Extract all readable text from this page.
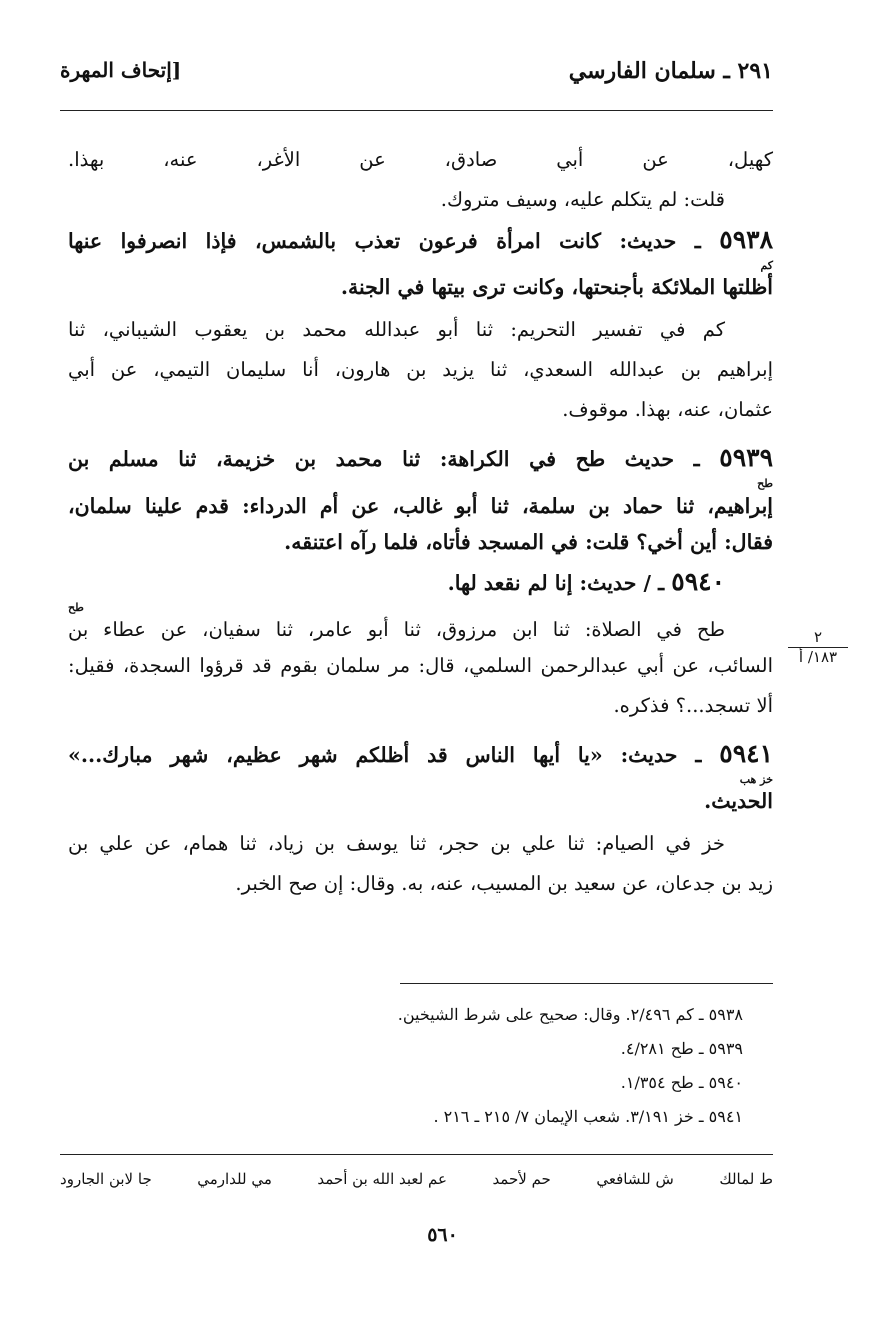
٢٩١ ـ سلمان الفارسي
[إتحاف المهرة
كهيل، عن أبي صادق، عن الأغر، عنه، بهذا.
قلت: لم يتكلم عليه، وسيف متروك.
٥٩٣٨ ـ حديث: كانت امرأة فرعون تعذب بالشمس، فإذا انصرفوا عنها
كم
أظلتها الملائكة بأجنحتها، وكانت ترى بيتها في الجنة.
كم في تفسير التحريم: ثنا أبو عبدالله محمد بن يعقوب الشيباني، ثنا
إبراهيم بن عبدالله السعدي، ثنا يزيد بن هارون، أنا سليمان التيمي، عن أبي
عثمان، عنه، بهذا. موقوف.
٥٩٣٩ ـ حديث طح في الكراهة: ثنا محمد بن خزيمة، ثنا مسلم بن
طح
إبراهيم، ثنا حماد بن سلمة، ثنا أبو غالب، عن أم الدرداء: قدم علينا سلمان،
فقال: أين أخي؟ قلت: في المسجد فأتاه، فلما رآه اعتنقه.
٥٩٤٠ ـ / حديث: إنا لم نقعد لها.
طح
طح في الصلاة: ثنا ابن مرزوق، ثنا أبو عامر، ثنا سفيان، عن عطاء بن
السائب، عن أبي عبدالرحمن السلمي، قال: مر سلمان بقوم قد قرؤوا السجدة، فقيل:
ألا تسجد...؟ فذكره.
٥٩٤١ ـ حديث: «يا أيها الناس قد أظلكم شهر عظيم، شهر مبارك...»
خز هب
الحديث.
خز في الصيام: ثنا علي بن حجر، ثنا يوسف بن زياد، ثنا همام، عن علي بن
زيد بن جدعان، عن سعيد بن المسيب، عنه، به. وقال: إن صح الخبر.
٢
١٨٣/ أ
٥٩٣٨ ـ كم ٢/٤٩٦. وقال: صحيح على شرط الشيخين.
٥٩٣٩ ـ طح ٤/٢٨١.
٥٩٤٠ ـ طح ١/٣٥٤.
٥٩٤١ ـ خز ٣/١٩١. شعب الإيمان ٧/ ٢١٥ ـ ٢١٦ .
ط لمالك
ش للشافعي
حم لأحمد
عم لعبد الله بن أحمد
مي للدارمي
جا لابن الجارود
٥٦٠
